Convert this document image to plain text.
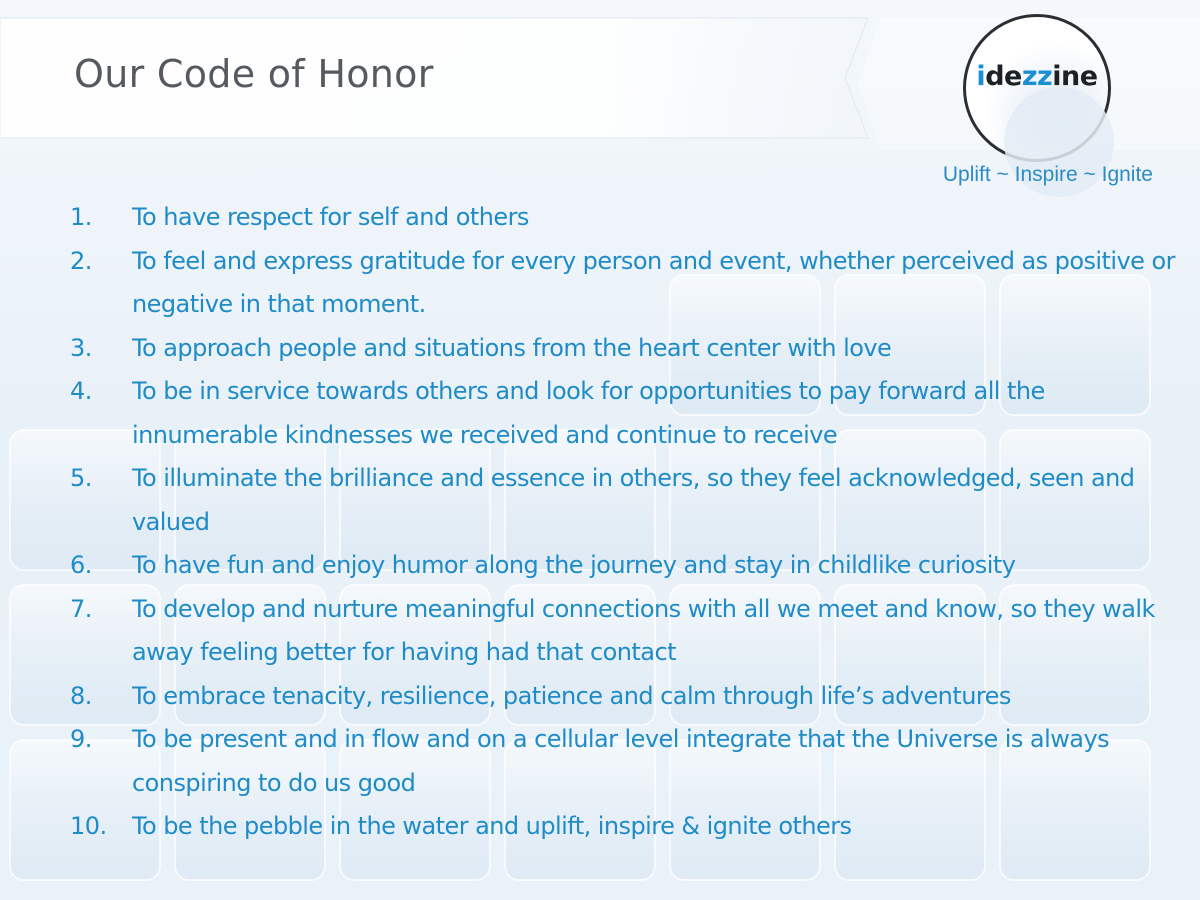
Our Code of Honor	idezzine

Uplift ~ Inspire ~ Ignite

1. To have respect for self and others
2. To feel and express gratitude for every person and event, whether perceived as positive or negative in that moment.
3. To approach people and situations from the heart center with love
4. To be in service towards others and look for opportunities to pay forward all the innumerable kindnesses we received and continue to receive
5. To illuminate the brilliance and essence in others, so they feel acknowledged, seen and valued
6. To have fun and enjoy humor along the journey and stay in childlike curiosity
7. To develop and nurture meaningful connections with all we meet and know, so they walk away feeling better for having had that contact
8. To embrace tenacity, resilience, patience and calm through life’s adventures
9. To be present and in flow and on a cellular level integrate that the Universe is always conspiring to do us good
10. To be the pebble in the water and uplift, inspire & ignite others
